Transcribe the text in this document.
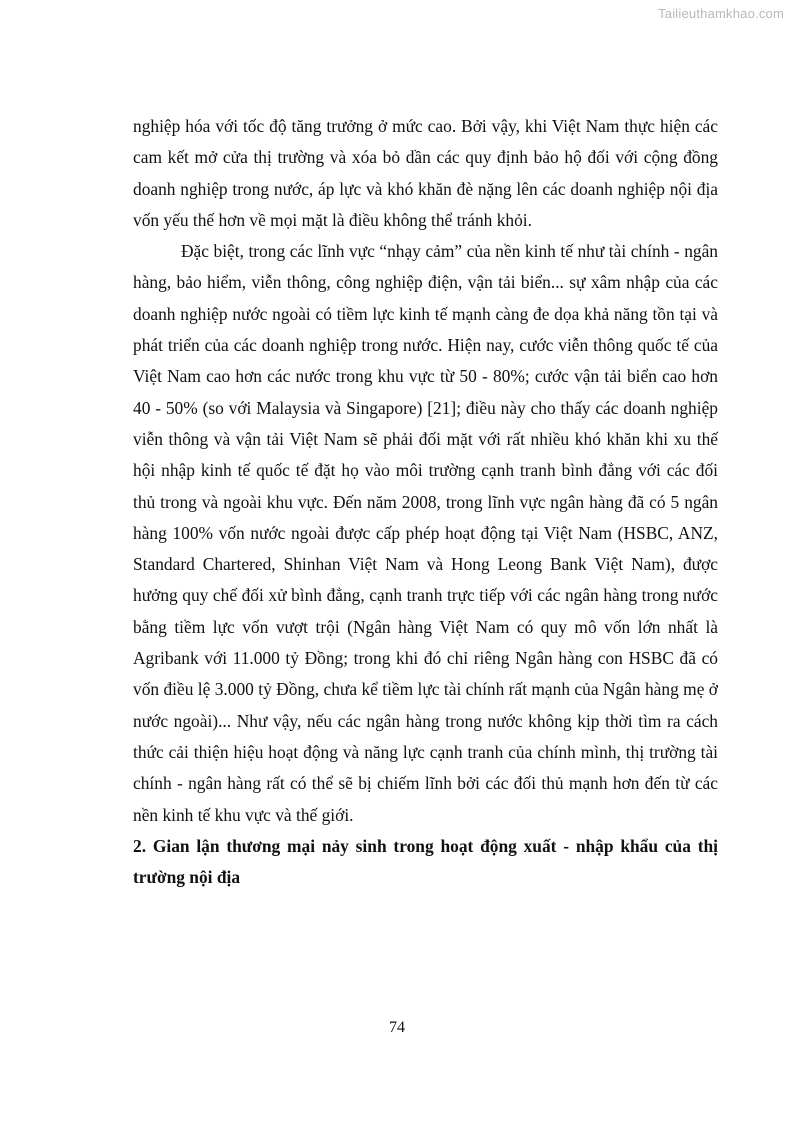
Tailieuthamkhao.com

nghiệp hóa với tốc độ tăng trưởng ở mức cao. Bởi vậy, khi Việt Nam thực hiện các cam kết mở cửa thị trường và xóa bỏ dần các quy định bảo hộ đối với cộng đồng doanh nghiệp trong nước, áp lực và khó khăn đè nặng lên các doanh nghiệp nội địa vốn yếu thế hơn về mọi mặt là điều không thể tránh khỏi.

Đặc biệt, trong các lĩnh vực “nhạy cảm” của nền kinh tế như tài chính - ngân hàng, bảo hiểm, viễn thông, công nghiệp điện, vận tải biển... sự xâm nhập của các doanh nghiệp nước ngoài có tiềm lực kinh tế mạnh càng đe dọa khả năng tồn tại và phát triển của các doanh nghiệp trong nước. Hiện nay, cước viễn thông quốc tế của Việt Nam cao hơn các nước trong khu vực từ 50 - 80%; cước vận tải biển cao hơn 40 - 50% (so với Malaysia và Singapore) [21]; điều này cho thấy các doanh nghiệp viễn thông và vận tải Việt Nam sẽ phải đối mặt với rất nhiều khó khăn khi xu thế hội nhập kinh tế quốc tế đặt họ vào môi trường cạnh tranh bình đẳng với các đối thủ trong và ngoài khu vực. Đến năm 2008, trong lĩnh vực ngân hàng đã có 5 ngân hàng 100% vốn nước ngoài được cấp phép hoạt động tại Việt Nam (HSBC, ANZ, Standard Chartered, Shinhan Việt Nam và Hong Leong Bank Việt Nam), được hưởng quy chế đối xử bình đẳng, cạnh tranh trực tiếp với các ngân hàng trong nước bằng tiềm lực vốn vượt trội (Ngân hàng Việt Nam có quy mô vốn lớn nhất là Agribank với 11.000 tỷ Đồng; trong khi đó chỉ riêng Ngân hàng con HSBC đã có vốn điều lệ 3.000 tỷ Đồng, chưa kể tiềm lực tài chính rất mạnh của Ngân hàng mẹ ở nước ngoài)... Như vậy, nếu các ngân hàng trong nước không kịp thời tìm ra cách thức cải thiện hiệu hoạt động và năng lực cạnh tranh của chính mình, thị trường tài chính - ngân hàng rất có thể sẽ bị chiếm lĩnh bởi các đối thủ mạnh hơn đến từ các nền kinh tế khu vực và thế giới.

2. Gian lận thương mại nảy sinh trong hoạt động xuất - nhập khẩu của thị trường nội địa

74
